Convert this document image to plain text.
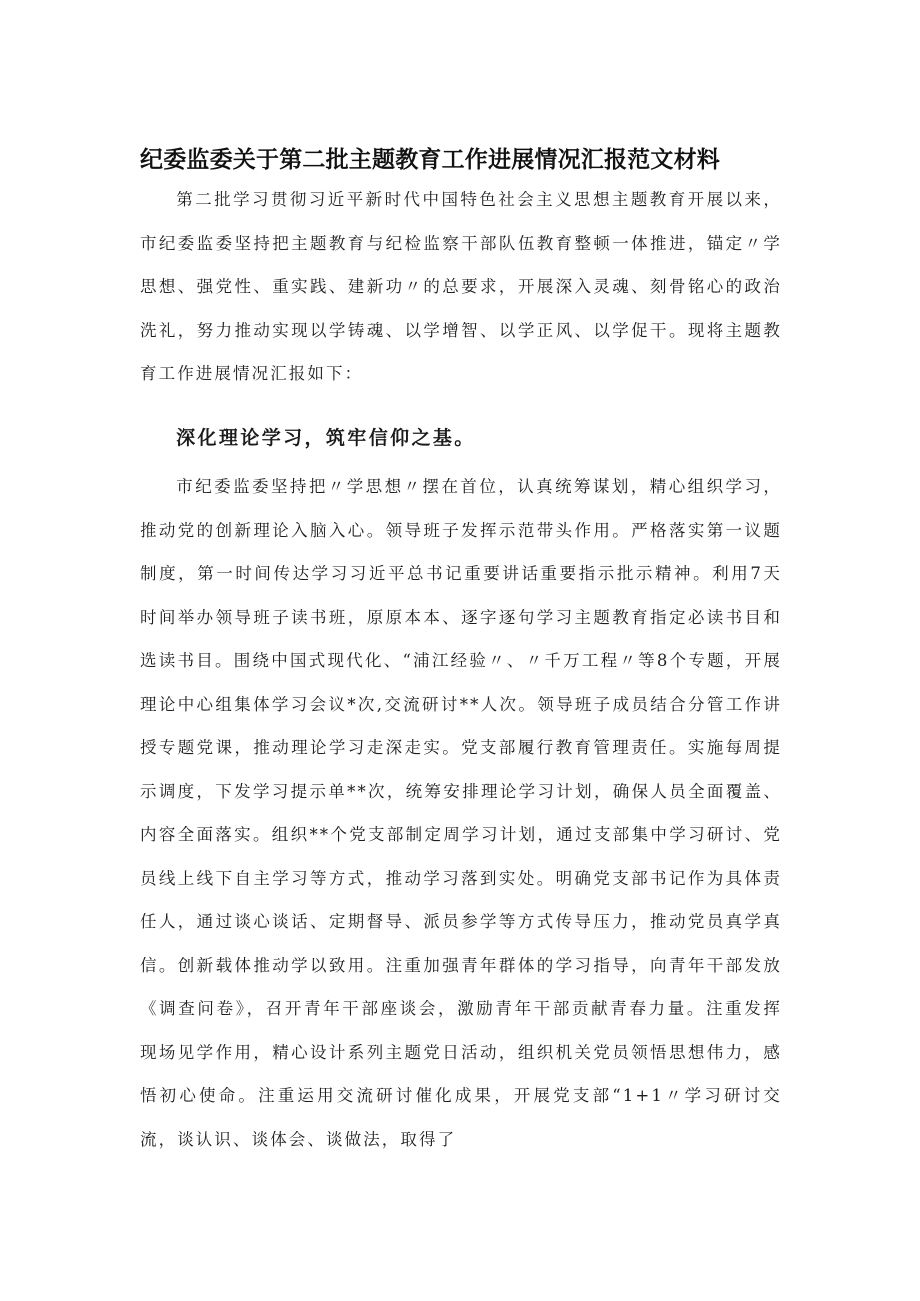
纪委监委关于第二批主题教育工作进展情况汇报范文材料

第二批学习贯彻习近平新时代中国特色社会主义思想主题教育开展以来，市纪委监委坚持把主题教育与纪检监察干部队伍教育整顿一体推进，锚定〃学思想、强党性、重实践、建新功〃的总要求，开展深入灵魂、刻骨铭心的政治洗礼，努力推动实现以学铸魂、以学增智、以学正风、以学促干。现将主题教育工作进展情况汇报如下：

深化理论学习，筑牢信仰之基。

市纪委监委坚持把〃学思想〃摆在首位，认真统筹谋划，精心组织学习，推动党的创新理论入脑入心。领导班子发挥示范带头作用。严格落实第一议题制度，第一时间传达学习习近平总书记重要讲话重要指示批示精神。利用7天时间举办领导班子读书班，原原本本、逐字逐句学习主题教育指定必读书目和选读书目。围绕中国式现代化、“浦江经验〃、〃千万工程〃等8个专题，开展理论中心组集体学习会议*次,交流研讨**人次。领导班子成员结合分管工作讲授专题党课，推动理论学习走深走实。党支部履行教育管理责任。实施每周提示调度，下发学习提示单**次，统筹安排理论学习计划，确保人员全面覆盖、内容全面落实。组织**个党支部制定周学习计划，通过支部集中学习研讨、党员线上线下自主学习等方式，推动学习落到实处。明确党支部书记作为具体责任人，通过谈心谈话、定期督导、派员参学等方式传导压力，推动党员真学真信。创新载体推动学以致用。注重加强青年群体的学习指导，向青年干部发放《调查问卷》，召开青年干部座谈会，激励青年干部贡献青春力量。注重发挥现场见学作用，精心设计系列主题党日活动，组织机关党员领悟思想伟力，感悟初心使命。注重运用交流研讨催化成果，开展党支部“1+1〃学习研讨交流，谈认识、谈体会、谈做法，取得了
